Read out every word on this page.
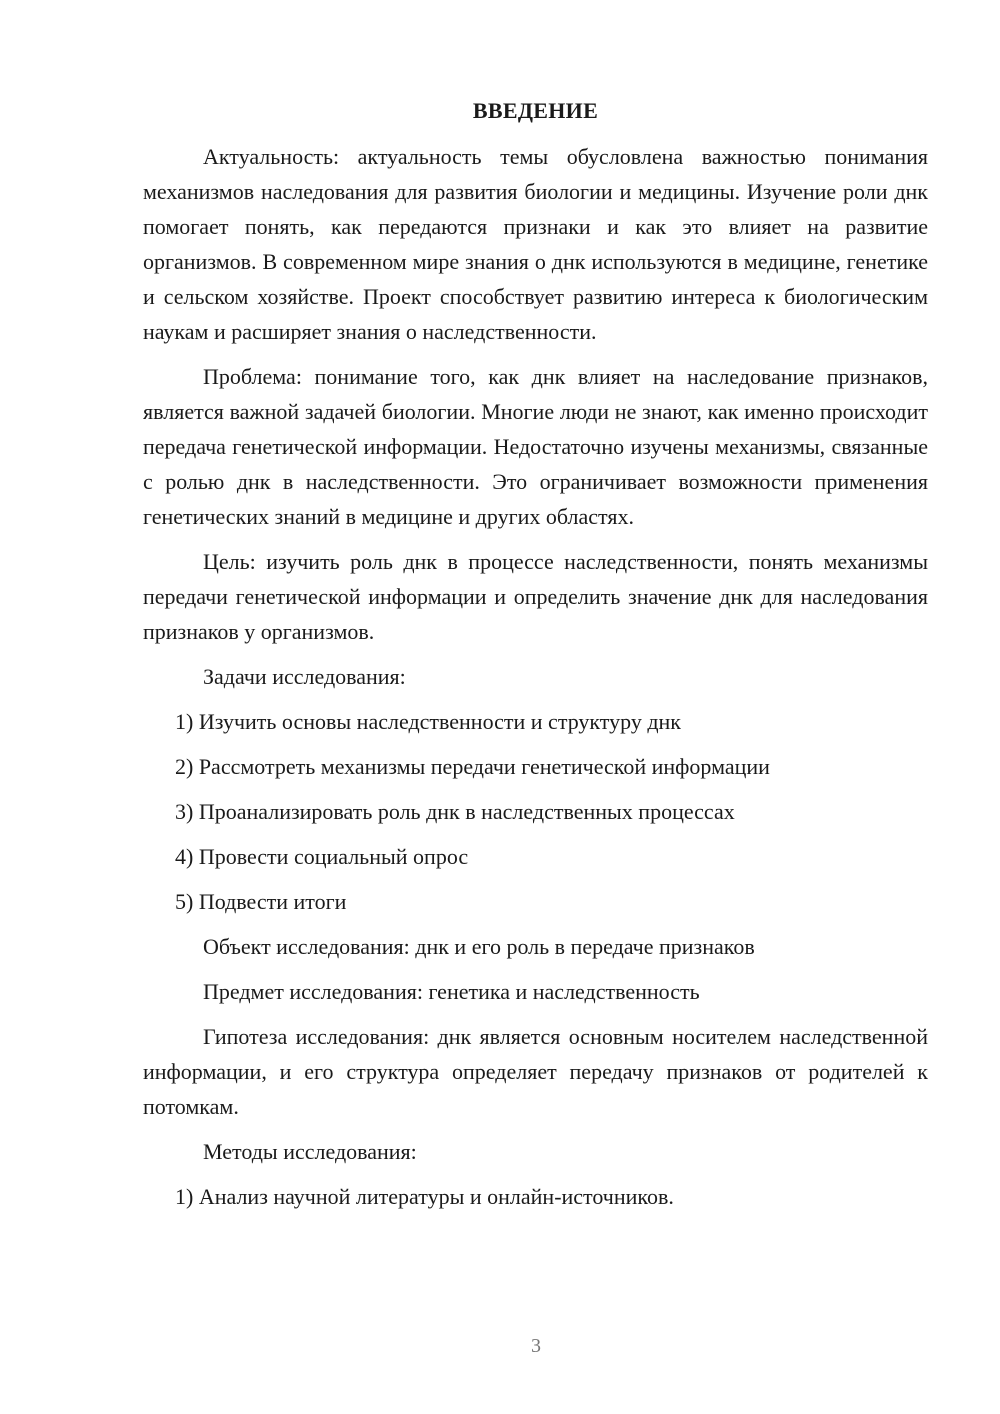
ВВЕДЕНИЕ

Актуальность: актуальность темы обусловлена важностью понимания механизмов наследования для развития биологии и медицины. Изучение роли днк помогает понять, как передаются признаки и как это влияет на развитие организмов. В современном мире знания о днк используются в медицине, генетике и сельском хозяйстве. Проект способствует развитию интереса к биологическим наукам и расширяет знания о наследственности.

Проблема: понимание того, как днк влияет на наследование признаков, является важной задачей биологии. Многие люди не знают, как именно происходит передача генетической информации. Недостаточно изучены механизмы, связанные с ролью днк в наследственности. Это ограничивает возможности применения генетических знаний в медицине и других областях.

Цель: изучить роль днк в процессе наследственности, понять механизмы передачи генетической информации и определить значение днк для наследования признаков у организмов.

Задачи исследования:
1) Изучить основы наследственности и структуру днк
2) Рассмотреть механизмы передачи генетической информации
3) Проанализировать роль днк в наследственных процессах
4) Провести социальный опрос
5) Подвести итоги
Объект исследования: днк и его роль в передаче признаков
Предмет исследования: генетика и наследственность

Гипотеза исследования: днк является основным носителем наследственной информации, и его структура определяет передачу признаков от родителей к потомкам.

Методы исследования:
1) Анализ научной литературы и онлайн-источников.
3
